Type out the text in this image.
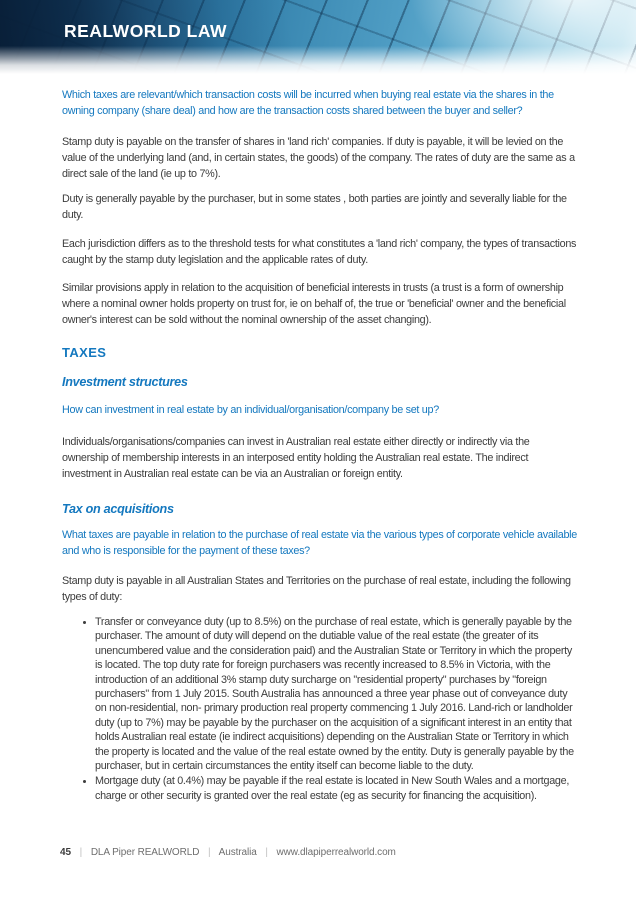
REALWORLD LAW

Which taxes are relevant/which transaction costs will be incurred when buying real estate via the shares in the owning company (share deal) and how are the transaction costs shared between the buyer and seller?

Stamp duty is payable on the transfer of shares in 'land rich' companies. If duty is payable, it will be levied on the value of the underlying land (and, in certain states, the goods) of the company. The rates of duty are the same as a direct sale of the land (ie up to 7%).

Duty is generally payable by the purchaser, but in some states , both parties are jointly and severally liable for the duty.

Each jurisdiction differs as to the threshold tests for what constitutes a 'land rich' company, the types of transactions caught by the stamp duty legislation and the applicable rates of duty.

Similar provisions apply in relation to the acquisition of beneficial interests in trusts (a trust is a form of ownership where a nominal owner holds property on trust for, ie on behalf of, the true or 'beneficial' owner and the beneficial owner's interest can be sold without the nominal ownership of the asset changing).

TAXES
Investment structures

How can investment in real estate by an individual/organisation/company be set up?

Individuals/organisations/companies can invest in Australian real estate either directly or indirectly via the ownership of membership interests in an interposed entity holding the Australian real estate. The indirect investment in Australian real estate can be via an Australian or foreign entity.

Tax on acquisitions

What taxes are payable in relation to the purchase of real estate via the various types of corporate vehicle available and who is responsible for the payment of these taxes?

Stamp duty is payable in all Australian States and Territories on the purchase of real estate, including the following types of duty:

• Transfer or conveyance duty (up to 8.5%) on the purchase of real estate, which is generally payable by the purchaser. The amount of duty will depend on the dutiable value of the real estate (the greater of its unencumbered value and the consideration paid) and the Australian State or Territory in which the property is located. The top duty rate for foreign purchasers was recently increased to 8.5% in Victoria, with the introduction of an additional 3% stamp duty surcharge on "residential property" purchases by "foreign purchasers" from 1 July 2015. South Australia has announced a three year phase out of conveyance duty on non-residential, non- primary production real property commencing 1 July 2016. Land-rich or landholder duty (up to 7%) may be payable by the purchaser on the acquisition of a significant interest in an entity that holds Australian real estate (ie indirect acquisitions) depending on the Australian State or Territory in which the property is located and the value of the real estate owned by the entity. Duty is generally payable by the purchaser, but in certain circumstances the entity itself can become liable to the duty.
• Mortgage duty (at 0.4%) may be payable if the real estate is located in New South Wales and a mortgage, charge or other security is granted over the real estate (eg as security for financing the acquisition).
45 | DLA Piper REALWORLD | Australia | www.dlapiperrealworld.com
